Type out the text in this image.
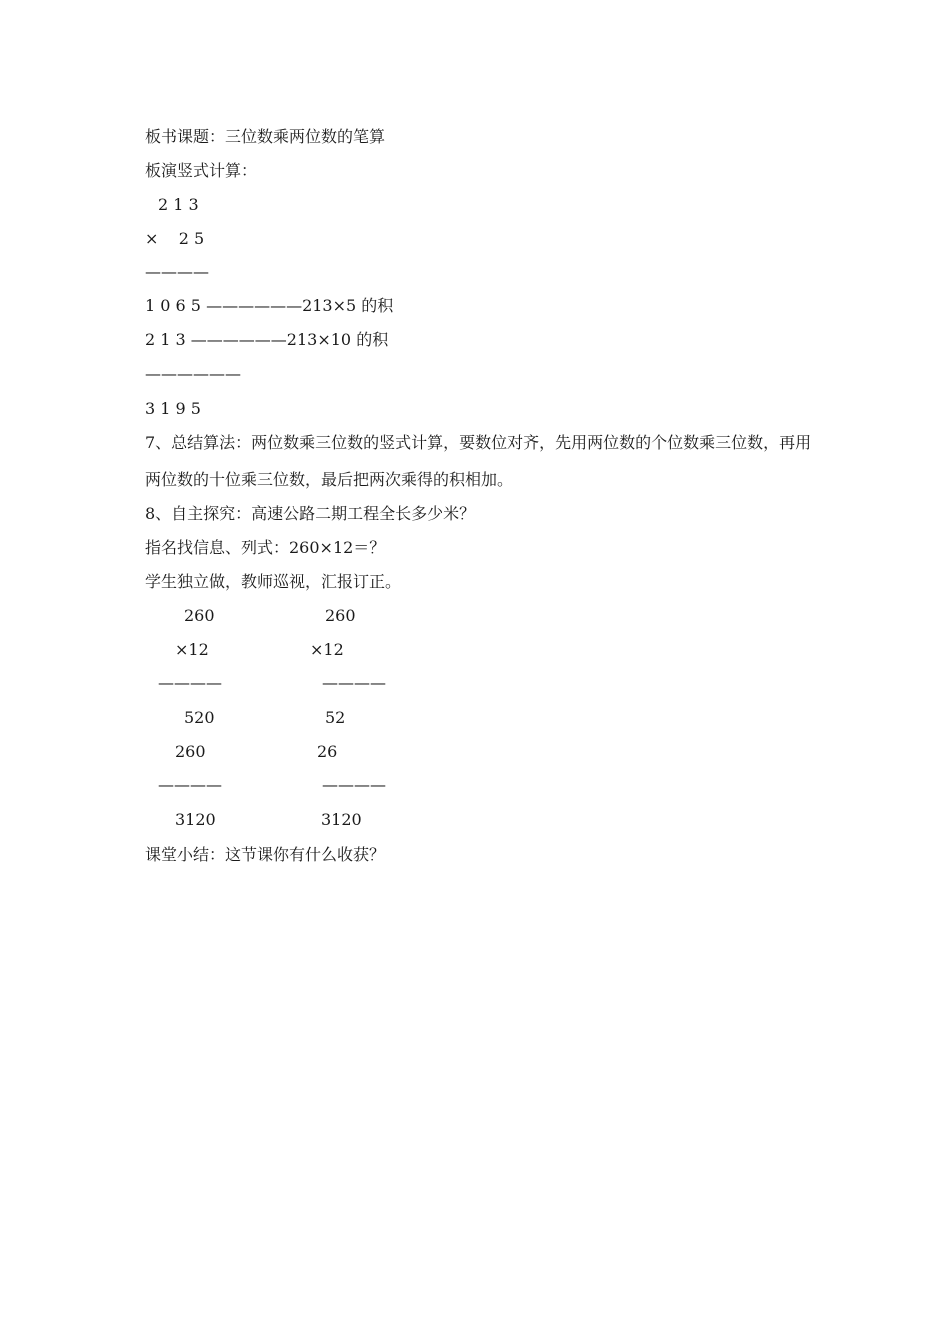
板书课题：三位数乘两位数的笔算
板演竖式计算：
2 1 3
×    2 5
————
1 0 6 5 ——————213×5 的积
2 1 3 ——————213×10 的积
——————
3 1 9 5
7、总结算法：两位数乘三位数的竖式计算，要数位对齐，先用两位数的个位数乘三位数，再用
两位数的十位乘三位数，最后把两次乘得的积相加。
8、自主探究：高速公路二期工程全长多少米？
指名找信息、列式：260×12＝？
学生独立做，教师巡视，汇报订正。
260
×12
————
520
260
————
3120
260
×12
————
52
26
————
3120
课堂小结：这节课你有什么收获？
